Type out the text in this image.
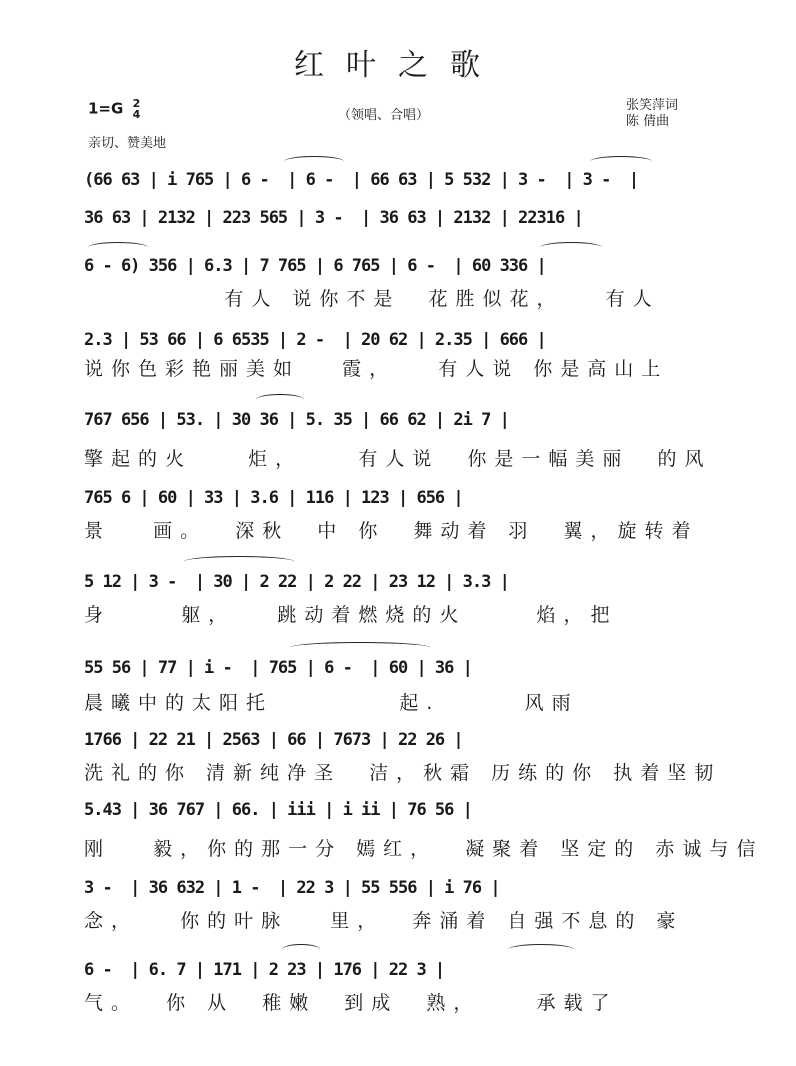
红叶之歌
1=G 2
4	（领唱、合唱）
张笑萍词
陈 倩曲
亲切、赞美地
(66 63 | i 765 | 6 -  | 6 -  | 66 63 | 5 532 | 3 -  | 3 -  |
36 63 | 2132 | 223 565 | 3 -  | 36 63 | 2132 | 22316 |
6 - 6) 356 | 6.3 | 7 765 | 6 765 | 6 -  | 60 336 |
有人 说你不是  花胜似花，   有人
2.3 | 53 66 | 6 6535 | 2 -  | 20 62 | 2.35 | 666 |
说你色彩艳丽美如   霞，   有人说 你是高山上
767 656 | 53. | 30 36 | 5. 35 | 66 62 | 2i 7 |
擎起的火    炬，    有人说  你是一幅美丽  的风
765 6 | 60 | 33 | 3.6 | 116 | 123 | 656 |
景   画。  深秋  中 你  舞动着 羽  翼，旋转着
5 12 | 3 -  | 30 | 2 22 | 2 22 | 23 12 | 3.3 |
身     躯，   跳动着燃烧的火     焰，把
55 56 | 77 | i -  | 765 | 6 -  | 60 | 36 |
晨曦中的太阳托         起.      风雨
1766 | 22 21 | 2563 | 66 | 7673 | 22 26 |
洗礼的你 清新纯净圣  洁，秋霜 历练的你 执着坚韧
5.43 | 36 767 | 66. | iii | i ii | 76 56 |
刚   毅，你的那一分 嫣红，  凝聚着 坚定的 赤诚与信
3 -  | 36 632 | 1 -  | 22 3 | 55 556 | i 76 |
念，   你的叶脉   里，  奔涌着 自强不息的 豪
6 -  | 6. 7 | 171 | 2 23 | 176 | 22 3 |
气。  你 从  稚嫩  到成  熟，    承载了
